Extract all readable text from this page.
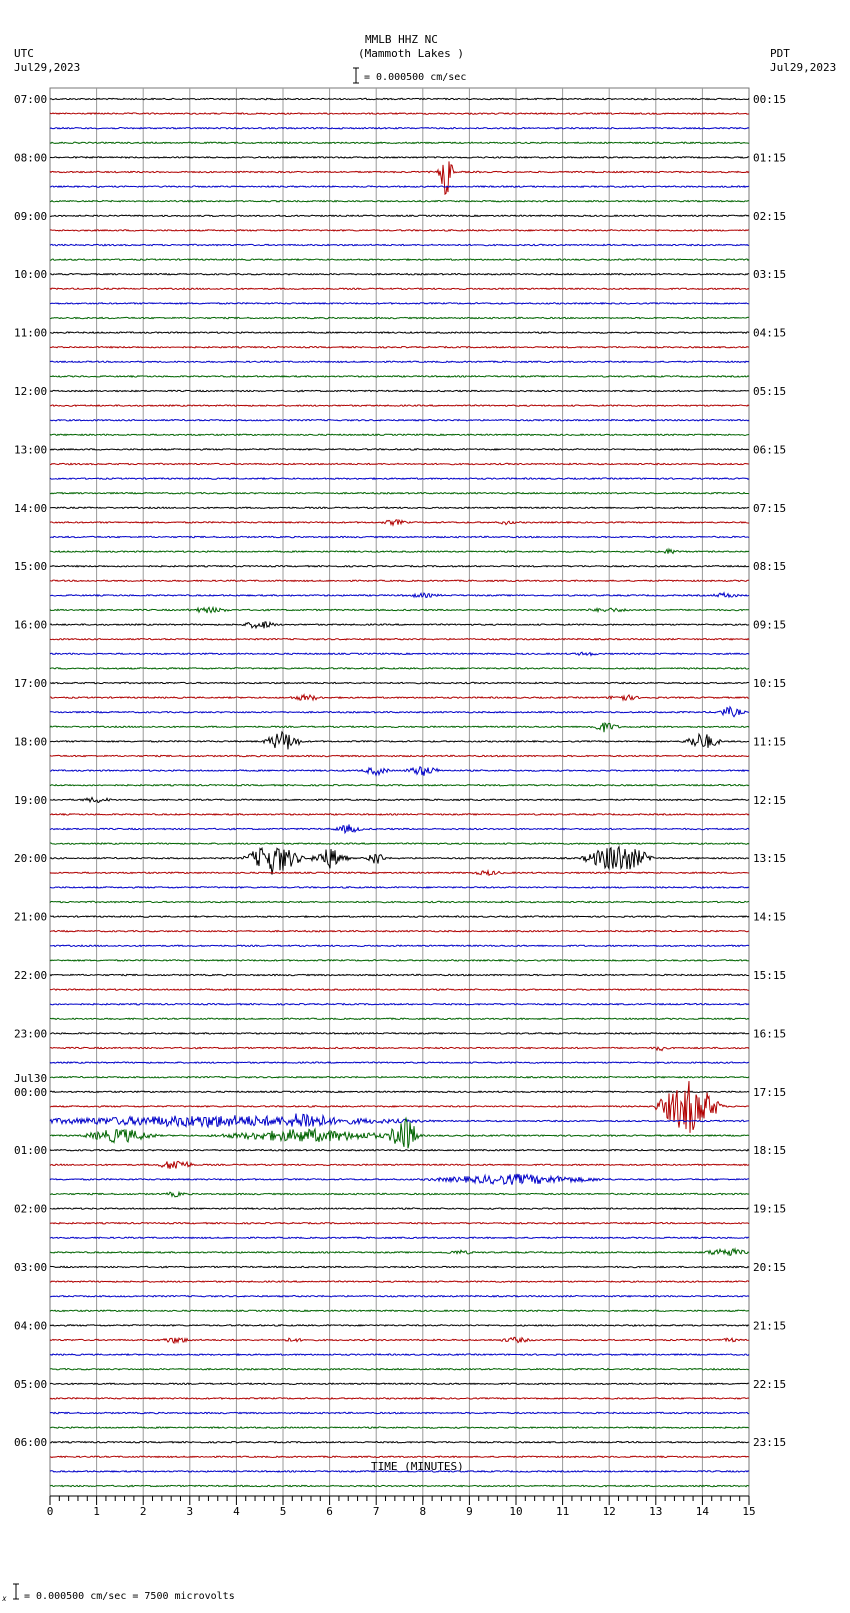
0	1	2	3	4	5	6	7	8	9	10	11	12	13	14	15
07:00
08:00
09:00
10:00
11:00
12:00
13:00
14:00
15:00
16:00
17:00
18:00
19:00
20:00
21:00
22:00
23:00
Jul30
00:00
01:00
02:00
03:00
04:00
05:00
06:00
00:15
01:15
02:15
03:15
04:15
05:15
06:15
07:15
08:15
09:15
10:15
11:15
12:15
13:15
14:15
15:15
16:15
17:15
18:15
19:15
20:15
21:15
22:15
23:15
MMLB HHZ NC
(Mammoth Lakes )
= 0.000500 cm/sec
UTC
Jul29,2023
PDT
Jul29,2023
TIME (MINUTES)
𝑥 = 0.000500 cm/sec = 7500 microvolts
